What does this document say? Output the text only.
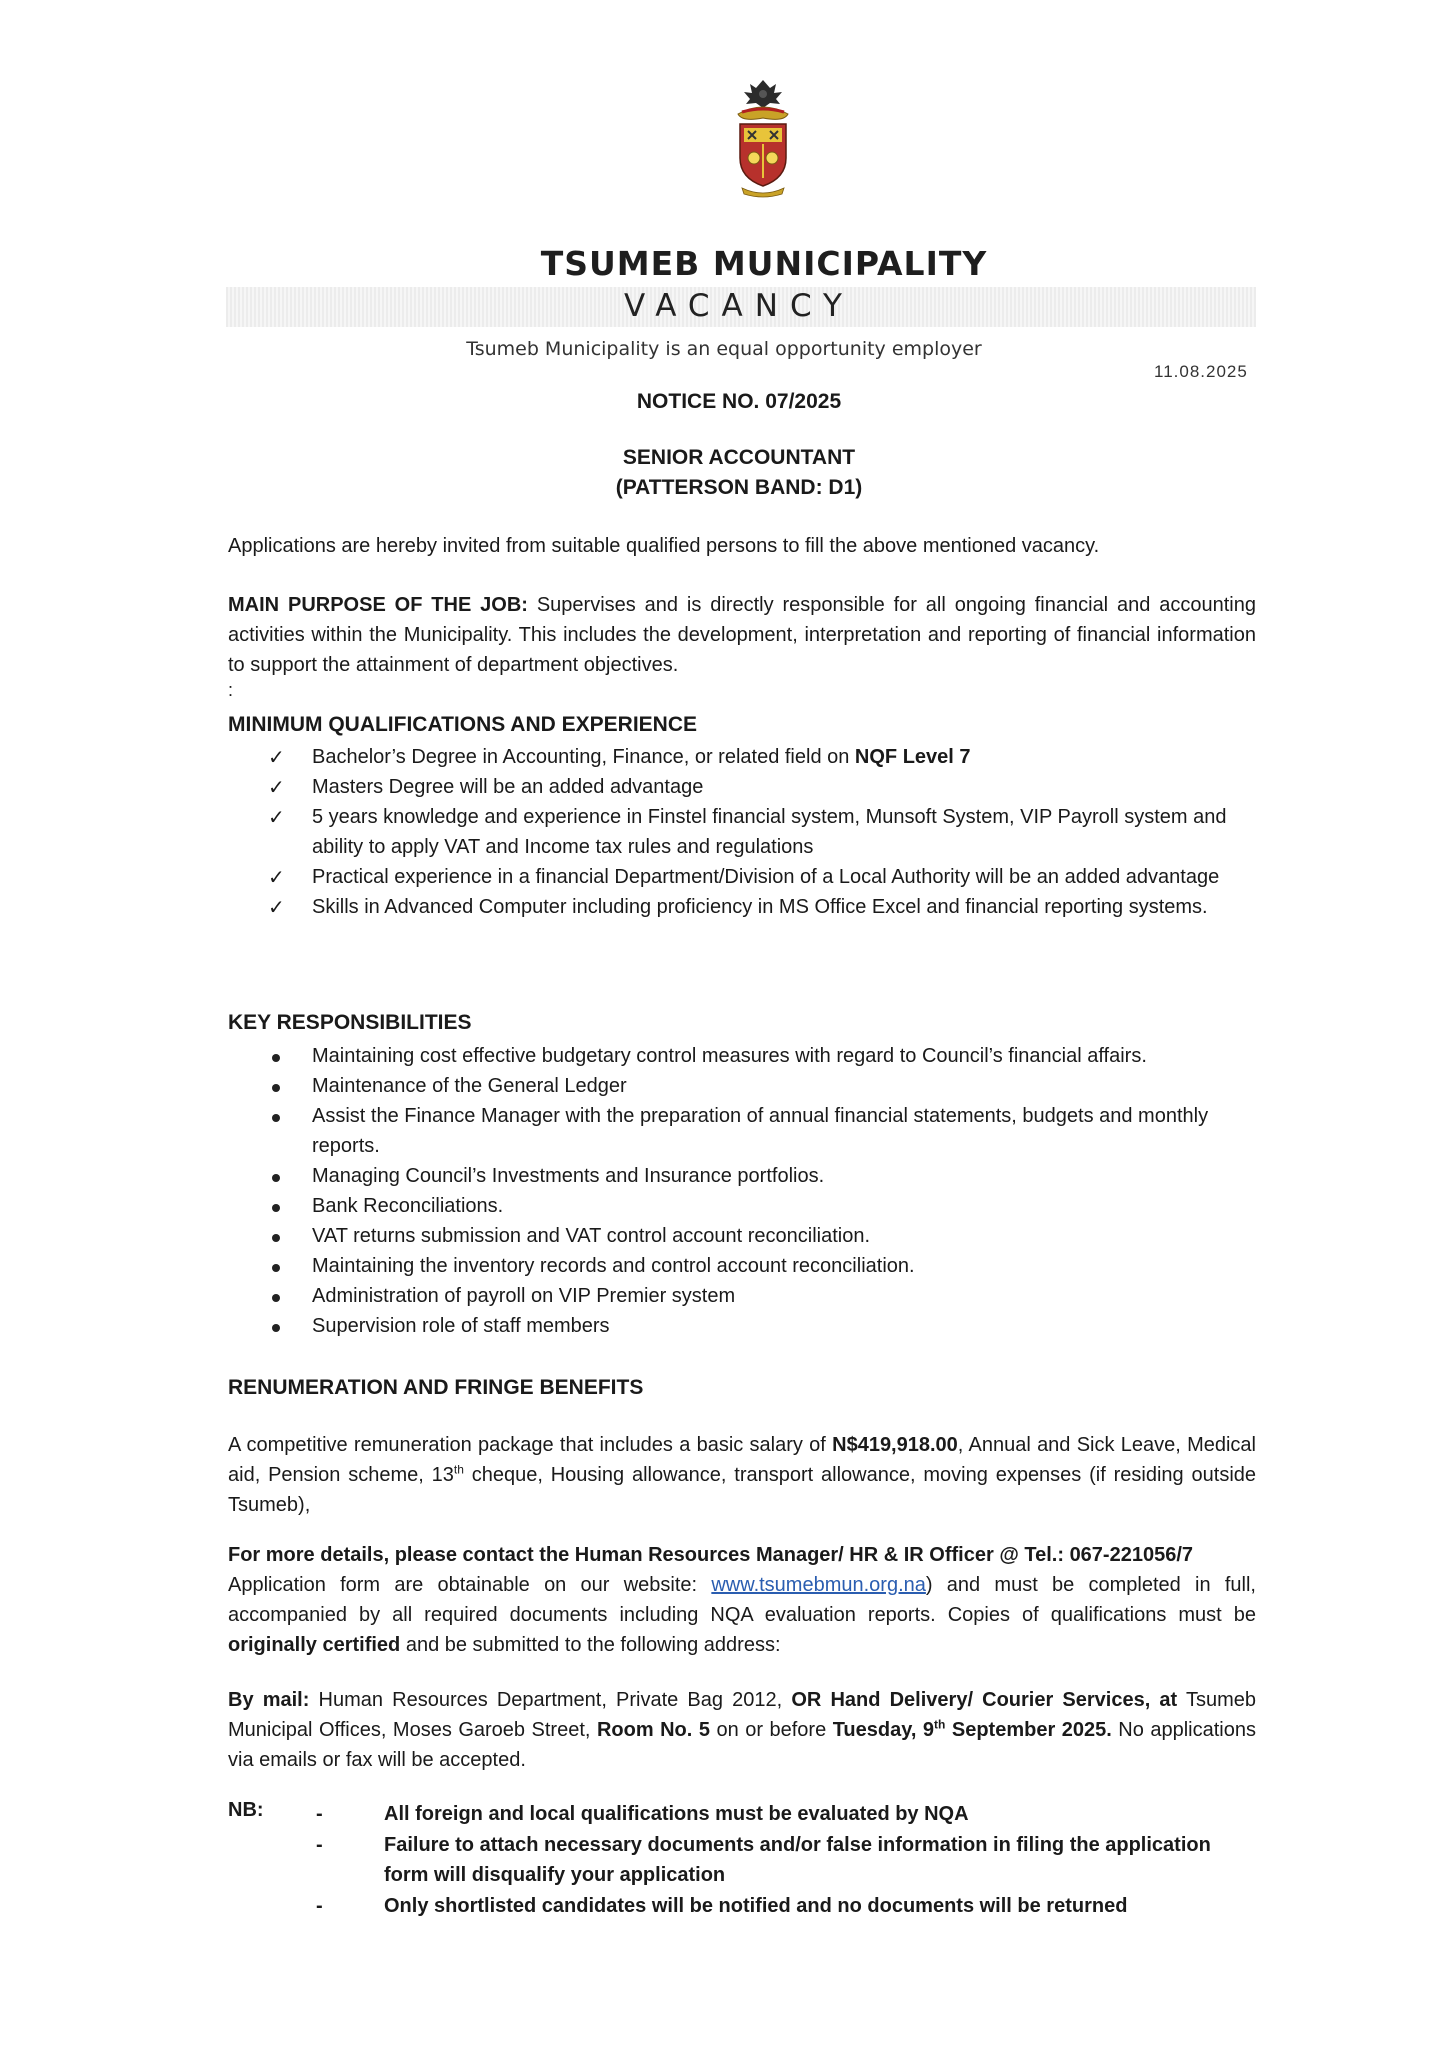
TSUMEB MUNICIPALITY
VACANCY
Tsumeb Municipality is an equal opportunity employer
11.08.2025
NOTICE NO. 07/2025
SENIOR ACCOUNTANT
(PATTERSON BAND: D1)
Applications are hereby invited from suitable qualified persons to fill the above mentioned vacancy.
MAIN PURPOSE OF THE JOB: Supervises and is directly responsible for all ongoing financial and accounting activities within the Municipality. This includes the development, interpretation and reporting of financial information to support the attainment of department objectives.
:
MINIMUM QUALIFICATIONS AND EXPERIENCE
✓ Bachelor’s Degree in Accounting, Finance, or related field on NQF Level 7
✓ Masters Degree will be an added advantage
✓ 5 years knowledge and experience in Finstel financial system, Munsoft System, VIP Payroll system and ability to apply VAT and Income tax rules and regulations
✓ Practical experience in a financial Department/Division of a Local Authority will be an added advantage
✓ Skills in Advanced Computer including proficiency in MS Office Excel and financial reporting systems.
KEY RESPONSIBILITIES
Maintaining cost effective budgetary control measures with regard to Council’s financial affairs.
Maintenance of the General Ledger
Assist the Finance Manager with the preparation of annual financial statements, budgets and monthly reports.
Managing Council’s Investments and Insurance portfolios.
Bank Reconciliations.
VAT returns submission and VAT control account reconciliation.
Maintaining the inventory records and control account reconciliation.
Administration of payroll on VIP Premier system
Supervision role of staff members
RENUMERATION AND FRINGE BENEFITS
A competitive remuneration package that includes a basic salary of N$419,918.00, Annual and Sick Leave, Medical aid, Pension scheme, 13th cheque, Housing allowance, transport allowance, moving expenses (if residing outside Tsumeb),
For more details, please contact the Human Resources Manager/ HR & IR Officer @ Tel.: 067-221056/7
Application form are obtainable on our website: www.tsumebmun.org.na) and must be completed in full, accompanied by all required documents including NQA evaluation reports. Copies of qualifications must be originally certified and be submitted to the following address:
By mail: Human Resources Department, Private Bag 2012, OR Hand Delivery/ Courier Services, at Tsumeb Municipal Offices, Moses Garoeb Street, Room No. 5 on or before Tuesday, 9th September 2025. No applications via emails or fax will be accepted.
NB:	-	All foreign and local qualifications must be evaluated by NQA
-	Failure to attach necessary documents and/or false information in filing the application form will disqualify your application
-	Only shortlisted candidates will be notified and no documents will be returned
